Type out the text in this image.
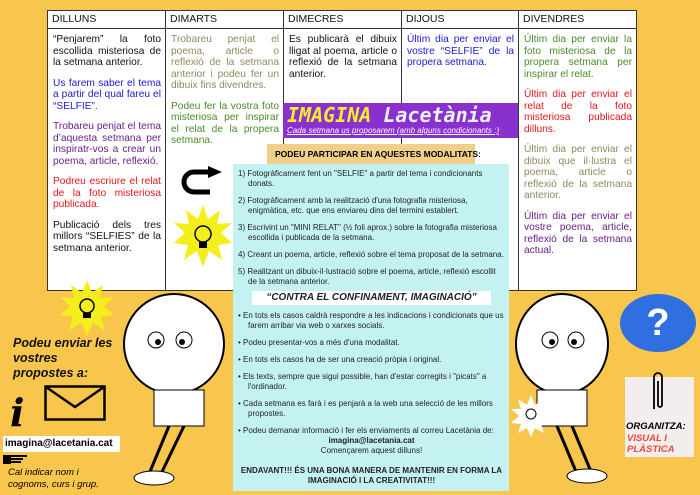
DILLUNS

“Penjarem” la foto escollida misteriosa de la setmana anterior.

Us farem saber el tema a partir del qual fareu el “SELFIE”.

Trobareu penjat el tema d’aquesta setmana per inspiratr-vos a crear un poema, article, reflexió.

Podreu escriure el relat de la foto misteriosa publicada.

Publicació dels tres millors “SELFIES” de la setmana anterior.

DIMARTS

Trobareu penjat el poema, article o reflexió de la setmana anterior i podeu fer un dibuix fins divendres.

Podeu fer la vostra foto misteriosa per inspirar el relat de la propera setmana.

DIMECRES

Es publicarà el dibuix lligat al poema, article o reflexió de la setmana anterior.

DIJOUS

Últim dia per enviar el vostre “SELFIE” de la propera setmana.

DIVENDRES

Últim dia per enviar la foto misteriosa de la propera setmana per inspirar el relat.

Últim dia per enviar el relat de la foto misteriosa publicada dilluns.

Últim dia per enviar el dibuix que il·lustra el poema, article o reflexió de la setmana anterior.

Últim dia per enviar el vostre poema, article, reflexió de la setmana actual.

IMAGINA Lacetània
Cada setmana us proposarem (amb alguns condicionants :)
PODEU PARTICIPAR EN AQUESTES MODALITATS:

1) Fotogràficament fent un "SELFIE" a partir del tema i condicionants donats.

2) Fotogràficament amb la realització d'una fotografia misteriosa, enigmàtica, etc. que ens enviareu dins del termini establert.

3) Escrivint un "MINI RELAT" (½ foli aprox.) sobre la fotografia misteriosa escollida i publicada de la setmana.

4) Creant un poema, article, reflexió sobre el tema proposat de la setmana.

5) Realitzant un dibuix-il·lustració sobre el poema, article, reflexió escollit de la setmana anterior.

“CONTRA EL CONFINAMENT, IMAGINACIÓ”

• En tots els casos caldrà respondre a les indicacions i condicionats que us farem arribar via web o xarxes socials.

• Podeu presentar-vos a més d'una modalitat.

• En tots els casos ha de ser una creació pròpia i original.

• Els texts, sempre que sigui possible, han d'estar corregits i "picats" a l'ordinador.

• Cada setmana es farà i es penjarà a la web una selecció de les millors propostes.

• Podeu demanar informació i fer els enviaments al correu Lacetània de:

imagina@lacetania.cat
Començarem aquest dilluns!
ENDAVANT!!! ÉS UNA BONA MANERA DE MANTENIR EN FORMA LA IMAGINACIÓ I LA CREATIVITAT!!!
?
Podeu enviar les vostres propostes a:
i
imagina@lacetania.cat
Cal indicar nom i cognoms, curs i grup.
ORGANITZA:
VISUAL I PLÀSTICA
